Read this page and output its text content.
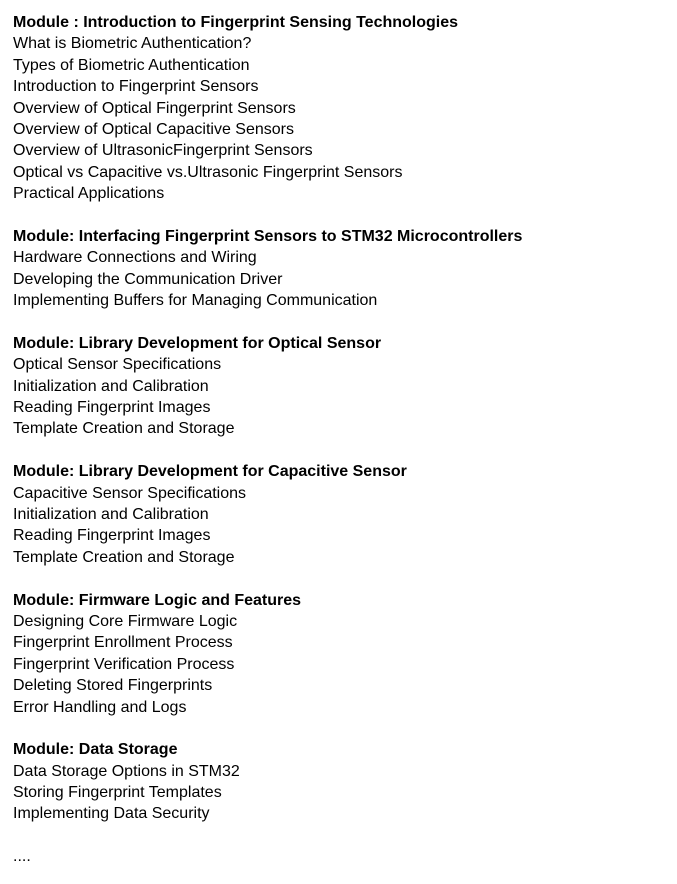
Module : Introduction to Fingerprint Sensing Technologies
What is Biometric Authentication?
Types of Biometric Authentication
Introduction to Fingerprint Sensors
Overview of Optical Fingerprint Sensors
Overview of Optical Capacitive Sensors
Overview of UltrasonicFingerprint Sensors
Optical vs Capacitive vs.Ultrasonic Fingerprint Sensors
Practical Applications
Module: Interfacing Fingerprint Sensors to STM32 Microcontrollers
Hardware Connections and Wiring
Developing the Communication Driver
Implementing Buffers for Managing Communication
Module: Library Development for Optical Sensor
Optical Sensor Specifications
Initialization and Calibration
Reading Fingerprint Images
Template Creation and Storage
Module: Library Development for Capacitive Sensor
Capacitive Sensor Specifications
Initialization and Calibration
Reading Fingerprint Images
Template Creation and Storage
Module: Firmware Logic and Features
Designing Core Firmware Logic
Fingerprint Enrollment Process
Fingerprint Verification Process
Deleting Stored Fingerprints
Error Handling and Logs
Module: Data Storage
Data Storage Options in STM32
Storing Fingerprint Templates
Implementing Data Security
....
